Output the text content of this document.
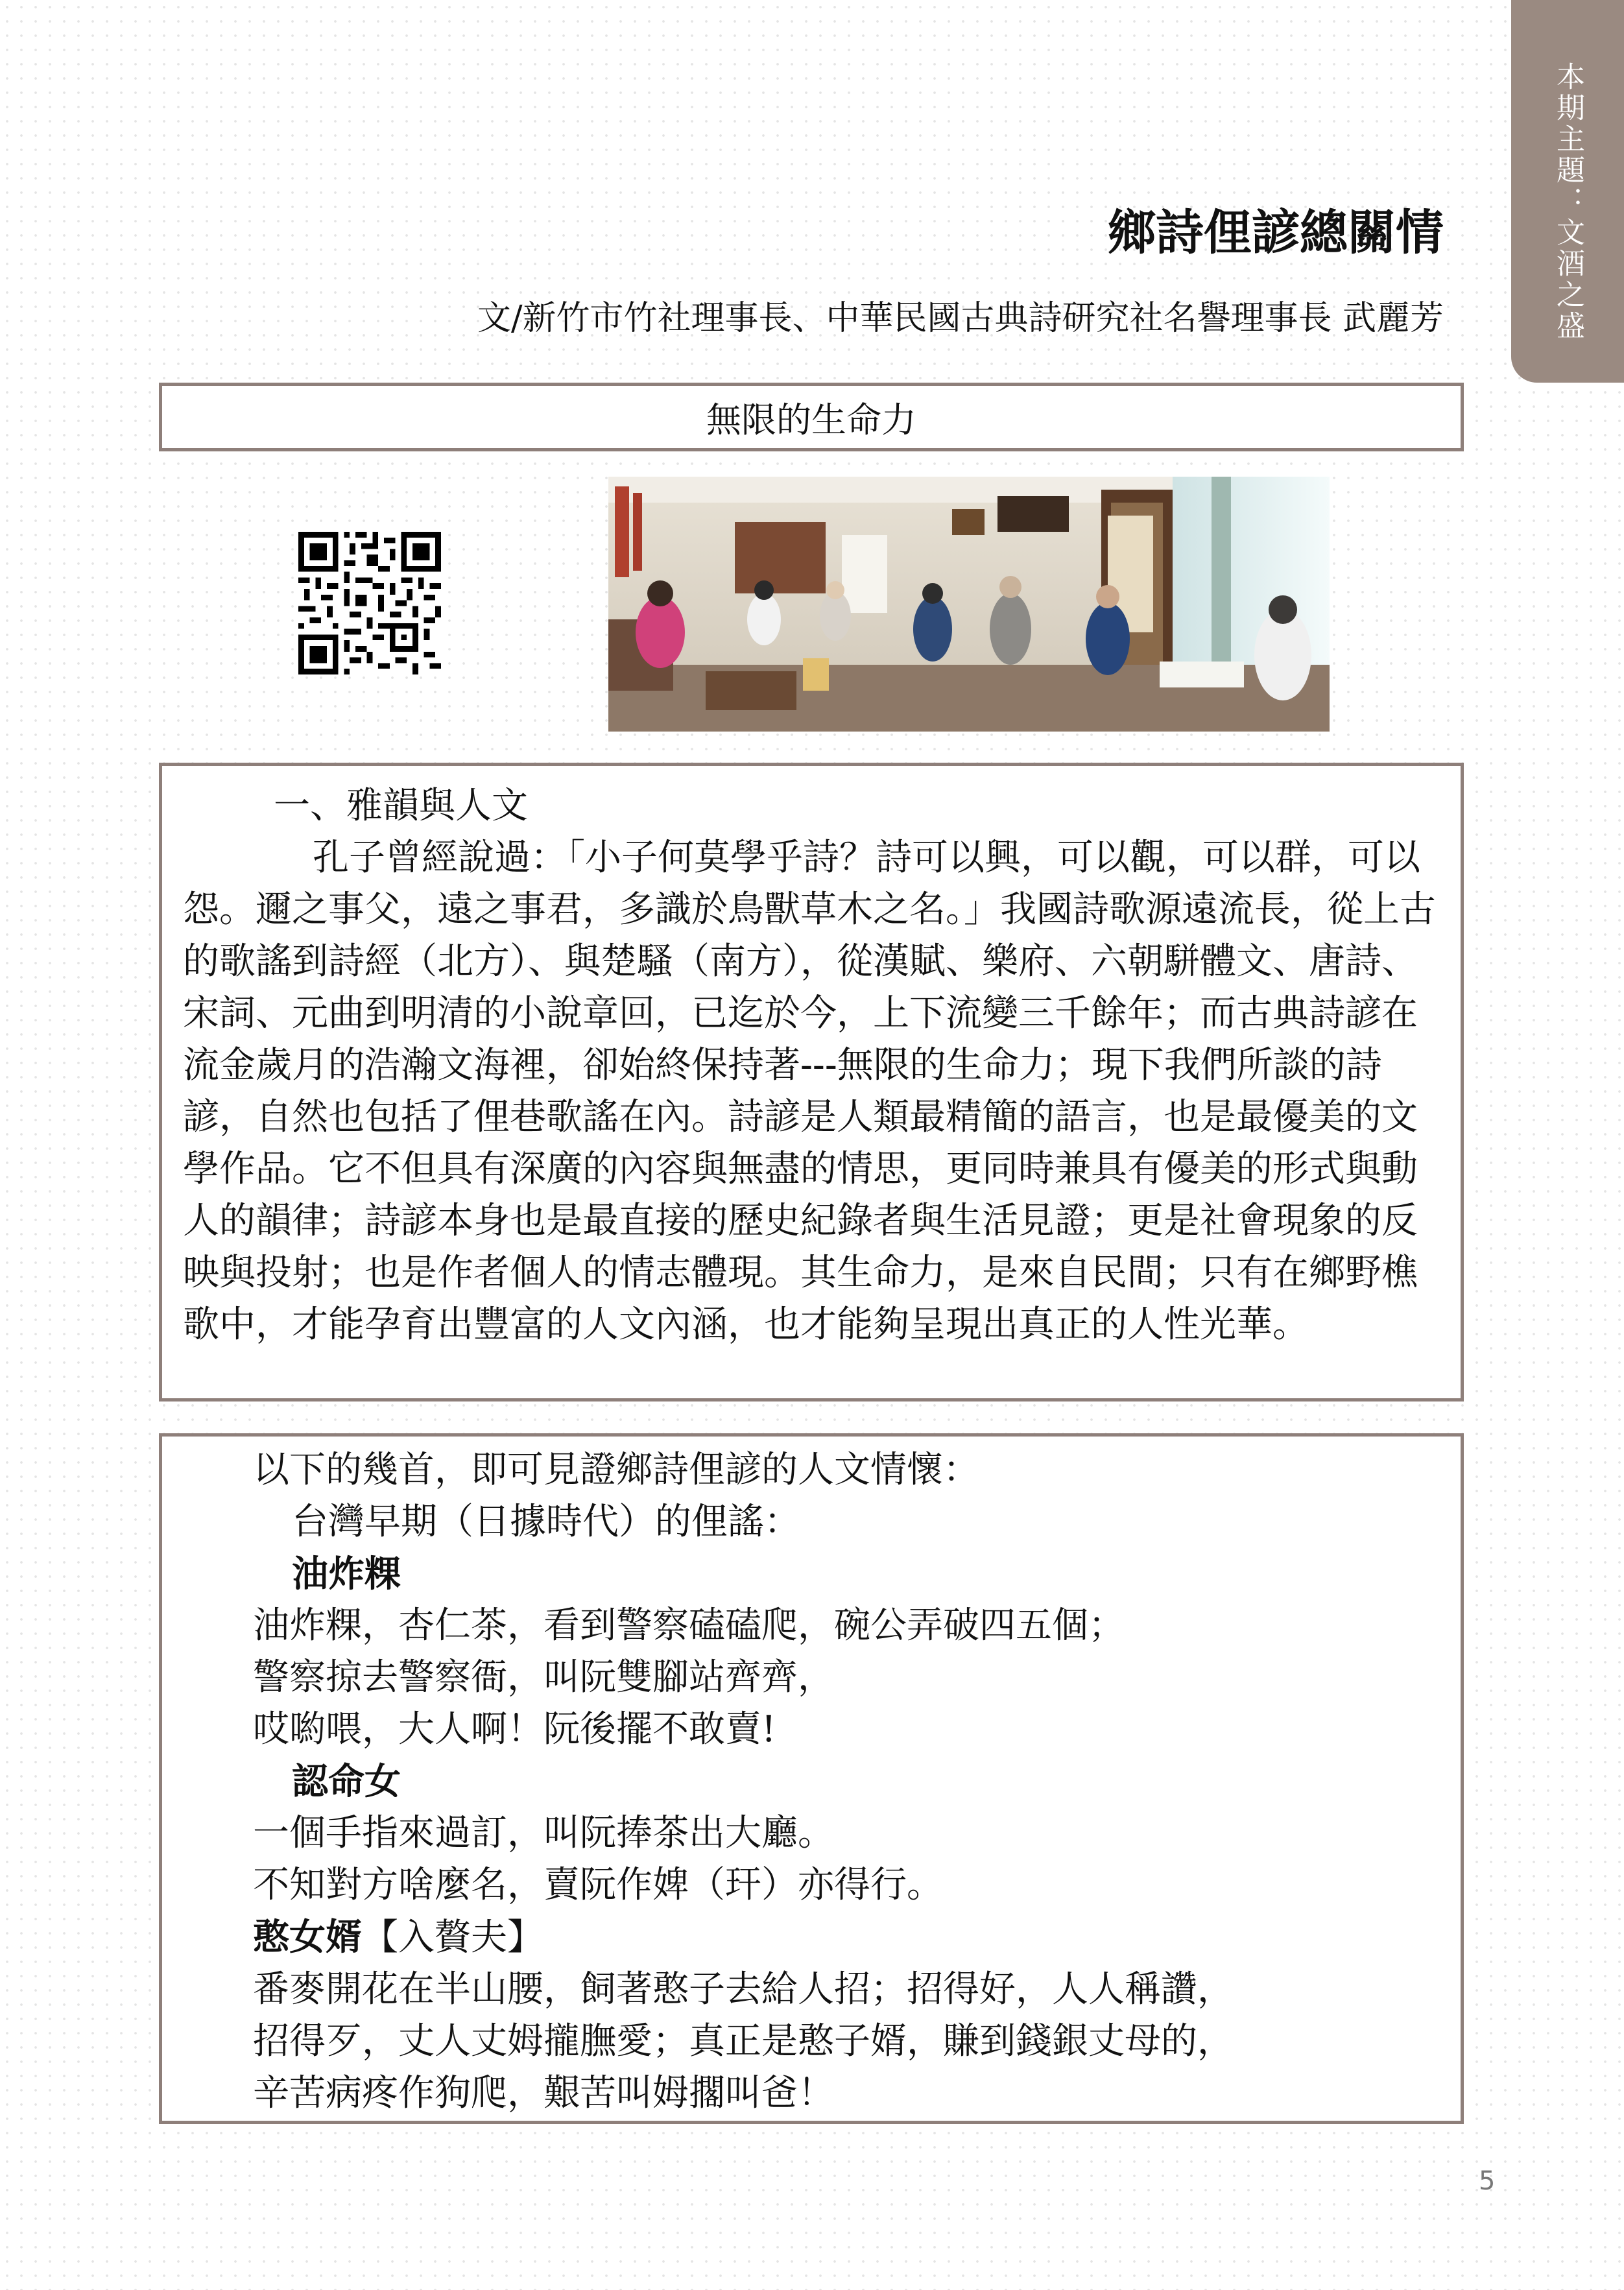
本期主題：文酒之盛
鄉詩俚諺總關情
文/新竹市竹社理事長、中華民國古典詩研究社名譽理事長 武麗芳
無限的生命力

一、雅韻與人文

孔子曾經說過：「小子何莫學乎詩？詩可以興，可以觀，可以群，可以怨。邇之事父，遠之事君，多識於鳥獸草木之名。」我國詩歌源遠流長，從上古的歌謠到詩經（北方）、與楚騷（南方），從漢賦、樂府、六朝駢體文、唐詩、宋詞、元曲到明清的小說章回，已迄於今，上下流變三千餘年；而古典詩諺在流金歲月的浩瀚文海裡，卻始終保持著---無限的生命力；現下我們所談的詩諺，自然也包括了俚巷歌謠在內。詩諺是人類最精簡的語言，也是最優美的文學作品。它不但具有深廣的內容與無盡的情思，更同時兼具有優美的形式與動人的韻律；詩諺本身也是最直接的歷史紀錄者與生活見證；更是社會現象的反映與投射；也是作者個人的情志體現。其生命力，是來自民間；只有在鄉野樵歌中，才能孕育出豐富的人文內涵，也才能夠呈現出真正的人性光華。

以下的幾首，即可見證鄉詩俚諺的人文情懷：

台灣早期（日據時代）的俚謠：

油炸粿

油炸粿，杏仁茶，看到警察磕磕爬，碗公弄破四五個；

警察掠去警察衙，叫阮雙腳站齊齊，

哎喲喂，大人啊！阮後擺不敢賣!

認命女

一個手指來過訂，叫阮捧茶出大廳。

不知對方啥麼名，賣阮作婢（玕）亦得行。

憨女婿【入贅夫】

番麥開花在半山腰，飼著憨子去給人招；招得好，人人稱讚，

招得歹，丈人丈姆攏膴愛；真正是憨子婿，賺到錢銀丈母的，

辛苦病疼作狗爬，艱苦叫姆擱叫爸！

5
